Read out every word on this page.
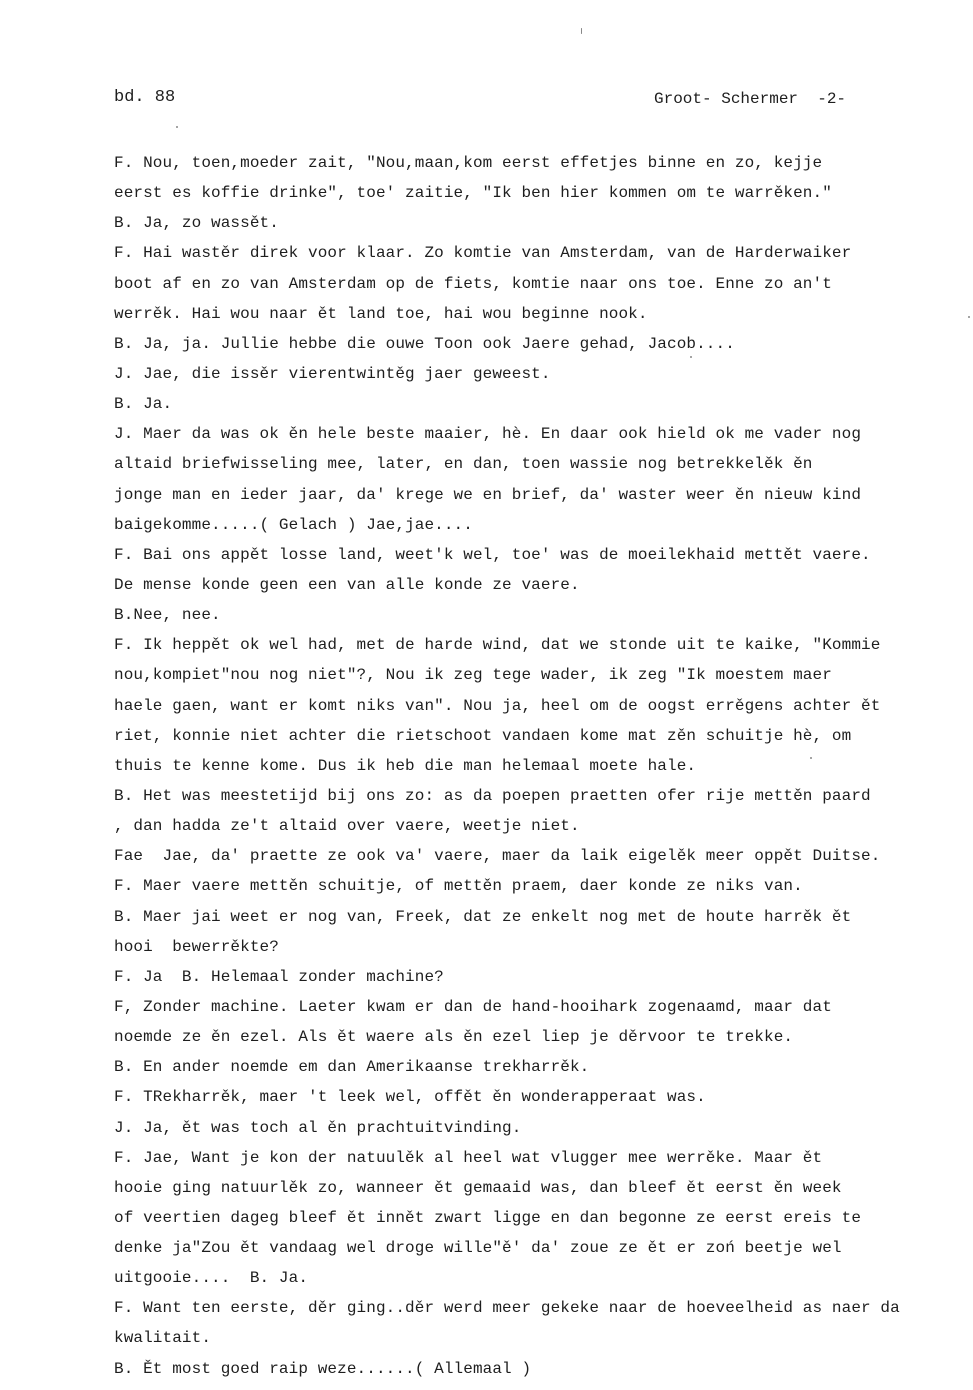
bd. 88	Groot- Schermer  -2-
F. Nou, toen,moeder zait, "Nou,maan,kom eerst effetjes binne en zo, kejje
eerst es koffie drinke", toe' zaitie, "Ik ben hier kommen om te warrěken."
B. Ja, zo wassět.
F. Hai wastěr direk voor klaar. Zo komtie van Amsterdam, van de Harderwaiker
boot af en zo van Amsterdam op de fiets, komtie naar ons toe. Enne zo an't
werrěk. Hai wou naar ět land toe, hai wou beginne nook.
B. Ja, ja. Jullie hebbe die ouwe Toon ook Jaere gehad, Jacob....
J. Jae, die issěr vierentwintěg jaer geweest.
B. Ja.
J. Maer da was ok ěn hele beste maaier, hè. En daar ook hield ok me vader nog
altaid briefwisseling mee, later, en dan, toen wassie nog betrekkelěk ěn
jonge man en ieder jaar, da' krege we en brief, da' waster weer ěn nieuw kind
baigekomme.....( Gelach ) Jae,jae....
F. Bai ons appět losse land, weet'k wel, toe' was de moeilekhaid mettět vaere.
De mense konde geen een van alle konde ze vaere.
B.Nee, nee.
F. Ik heppět ok wel had, met de harde wind, dat we stonde uit te kaike, "Kommie
nou,kompiet"nou nog niet"?, Nou ik zeg tege wader, ik zeg "Ik moestem maer
haele gaen, want er komt niks van". Nou ja, heel om de oogst errěgens achter ět
riet, konnie niet achter die rietschoot vandaen kome mat zěn schuitje hè, om
thuis te kenne kome. Dus ik heb die man helemaal moete hale.
B. Het was meestetijd bij ons zo: as da poepen praetten ofer rije mettěn paard
, dan hadda ze't altaid over vaere, weetje niet.
Fae  Jae, da' praette ze ook va' vaere, maer da laik eigelěk meer oppět Duitse.
F. Maer vaere mettěn schuitje, of mettěn praem, daer konde ze niks van.
B. Maer jai weet er nog van, Freek, dat ze enkelt nog met de houte harrěk ět
hooi  bewerrěkte?
F. Ja  B. Helemaal zonder machine?
F, Zonder machine. Laeter kwam er dan de hand-hooihark zogenaamd, maar dat
noemde ze ěn ezel. Als ět waere als ěn ezel liep je děrvoor te trekke.
B. En ander noemde em dan Amerikaanse trekharrěk.
F. TRekharrěk, maer 't leek wel, offět ěn wonderapperaat was.
J. Ja, ět was toch al ěn prachtuitvinding.
F. Jae, Want je kon der natuulěk al heel wat vlugger mee werrěke. Maar ět
hooie ging natuurlěk zo, wanneer ět gemaaid was, dan bleef ět eerst ěn week
of veertien dageg bleef ět innět zwart ligge en dan begonne ze eerst ereis te
denke ja"Zou ět vandaag wel droge wille"ě' da' zoue ze ět er zoń beetje wel
uitgooie....  B. Ja.
F. Want ten eerste, děr ging..děr werd meer gekeke naar de hoeveelheid as naer da
kwalitait.
B. Ět most goed raip weze......( Allemaal )
